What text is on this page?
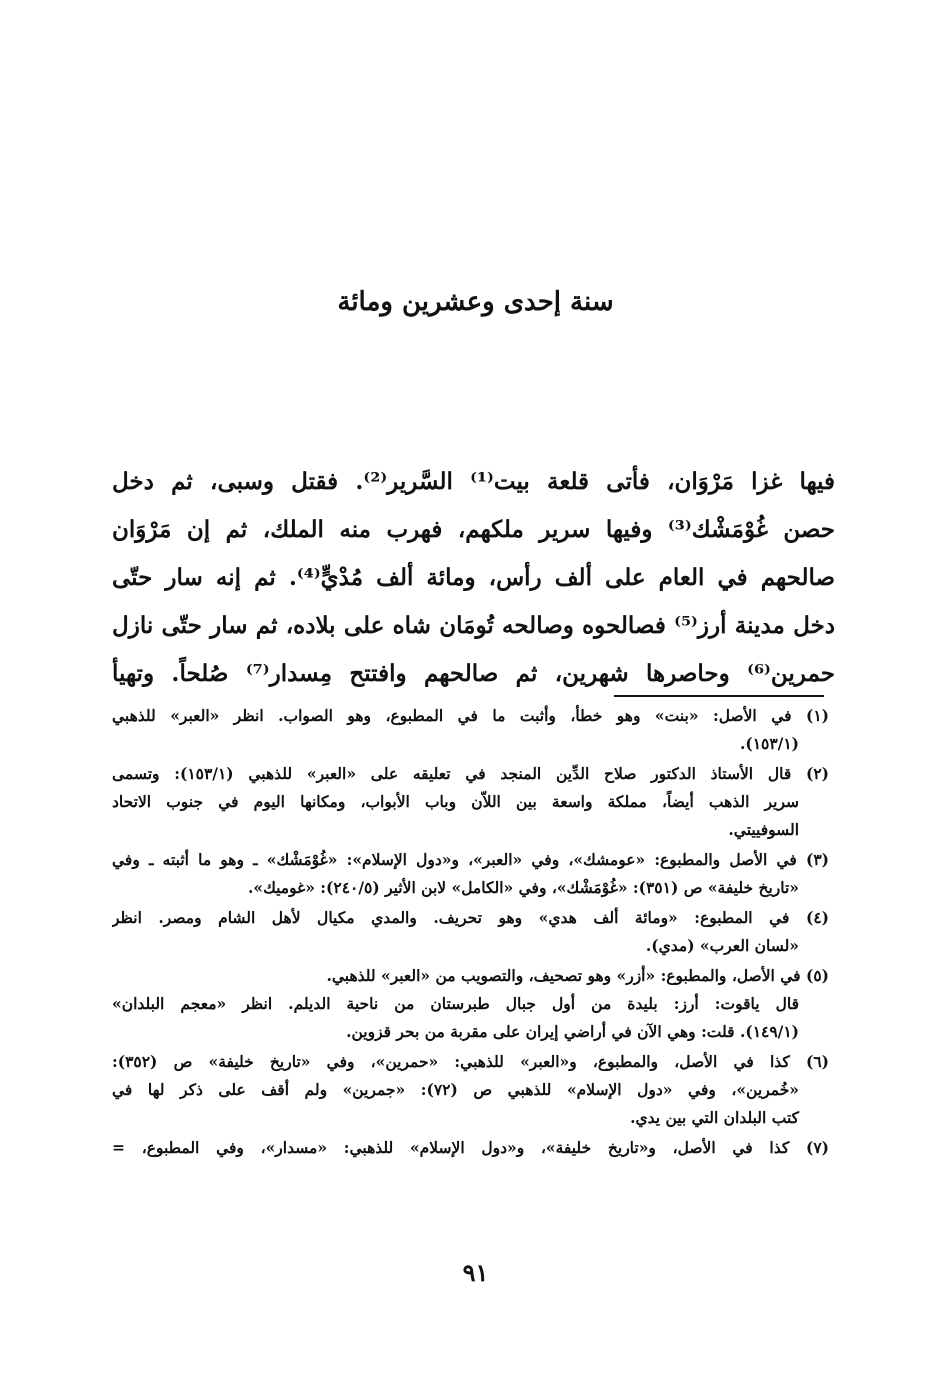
سنة إحدى وعشرين ومائة
فيها غزا مَرْوَان، فأتى قلعة بيت⁽¹⁾ السَّرير⁽²⁾. فقتل وسبى، ثم دخل
حصن غُوْمَشْك⁽³⁾ وفيها سرير ملكهم، فهرب منه الملك، ثم إن مَرْوَان
صالحهم في العام على ألف رأس، ومائة ألف مُدْيٍّ⁽⁴⁾. ثم إنه سار حتّى
دخل مدينة أرز⁽⁵⁾ فصالحوه وصالحه تُومَان شاه على بلاده، ثم سار حتّى نازل
حمرين⁽⁶⁾ وحاصرها شهرين، ثم صالحهم وافتتح مِسدار⁽⁷⁾ صُلحاً. وتهيأ
(١) في الأصل: «بنت» وهو خطأ، وأثبت ما في المطبوع، وهو الصواب. انظر «العبر» للذهبي
(١٥٣/١).
(٢) قال الأستاذ الدكتور صلاح الدِّين المنجد في تعليقه على «العبر» للذهبي (١٥٣/١): وتسمى
سرير الذهب أيضاً، مملكة واسعة بين اللاّن وباب الأبواب، ومكانها اليوم في جنوب الاتحاد
السوفييتي.
(٣) في الأصل والمطبوع: «عومشك»، وفي «العبر»، و«دول الإسلام»: «غُوْمَشْك» ـ وهو ما أثبته ـ وفي
«تاريخ خليفة» ص (٣٥١): «غُوْمَشْك»، وفي «الكامل» لابن الأثير (٢٤٠/٥): «غوميك».
(٤) في المطبوع: «ومائة ألف هدي» وهو تحريف. والمدي مكيال لأهل الشام ومصر. انظر
«لسان العرب» (مدي).
(٥) في الأصل، والمطبوع: «أزر» وهو تصحيف، والتصويب من «العبر» للذهبي.
قال ياقوت: أرز: بليدة من أول جبال طبرستان من ناحية الديلم. انظر «معجم البلدان»
(١٤٩/١). قلت: وهي الآن في أراضي إيران على مقربة من بحر قزوين.
(٦) كذا في الأصل، والمطبوع، و«العبر» للذهبي: «حمرين»، وفي «تاريخ خليفة» ص (٣٥٢):
«خُمرين»، وفي «دول الإسلام» للذهبي ص (٧٢): «جمرين» ولم أقف على ذكر لها في
كتب البلدان التي بين يدي.
(٧) كذا في الأصل، و«تاريخ خليفة»، و«دول الإسلام» للذهبي: «مسدار»، وفي المطبوع، =
٩١
